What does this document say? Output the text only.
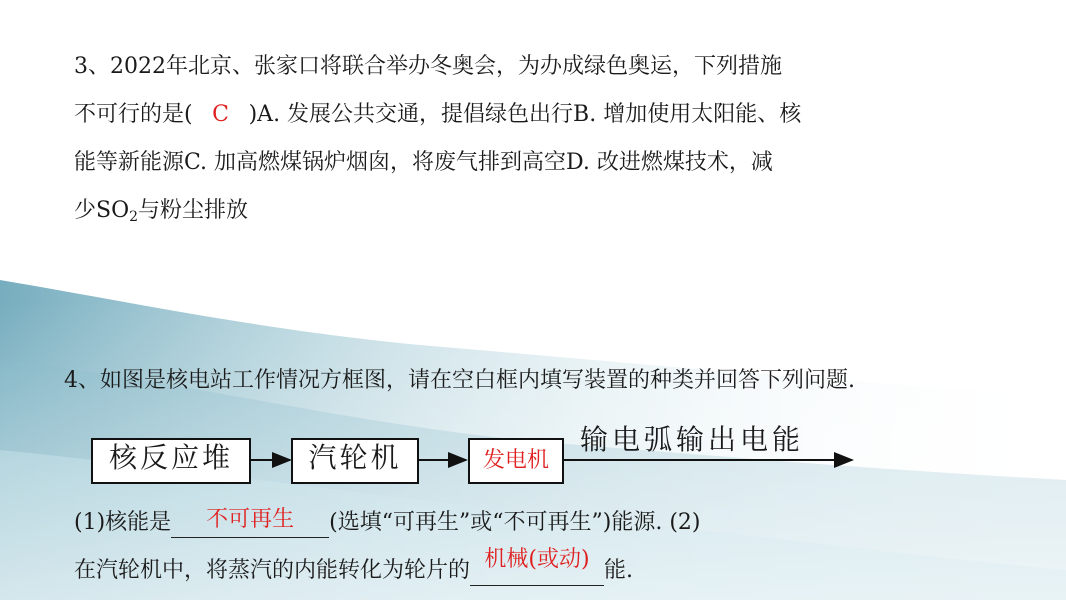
3、2022年北京、张家口将联合举办冬奥会，为办成绿色奥运，下列措施
不可行的是( C )A. 发展公共交通，提倡绿色出行B. 增加使用太阳能、核
能等新能源C. 加高燃煤锅炉烟囱，将废气排到高空D. 改进燃煤技术，减
少$SO_2$与粉尘排放
4、如图是核电站工作情况方框图，请在空白框内填写装置的种类并回答下列问题.
核反应堆	汽轮机	发电机
输电弧输出电能
(1)核能是	不可再生	(选填“可再生”或“不可再生”)能源. (2)
在汽轮机中，将蒸汽的内能转化为轮片的 机械(或动) 能.
